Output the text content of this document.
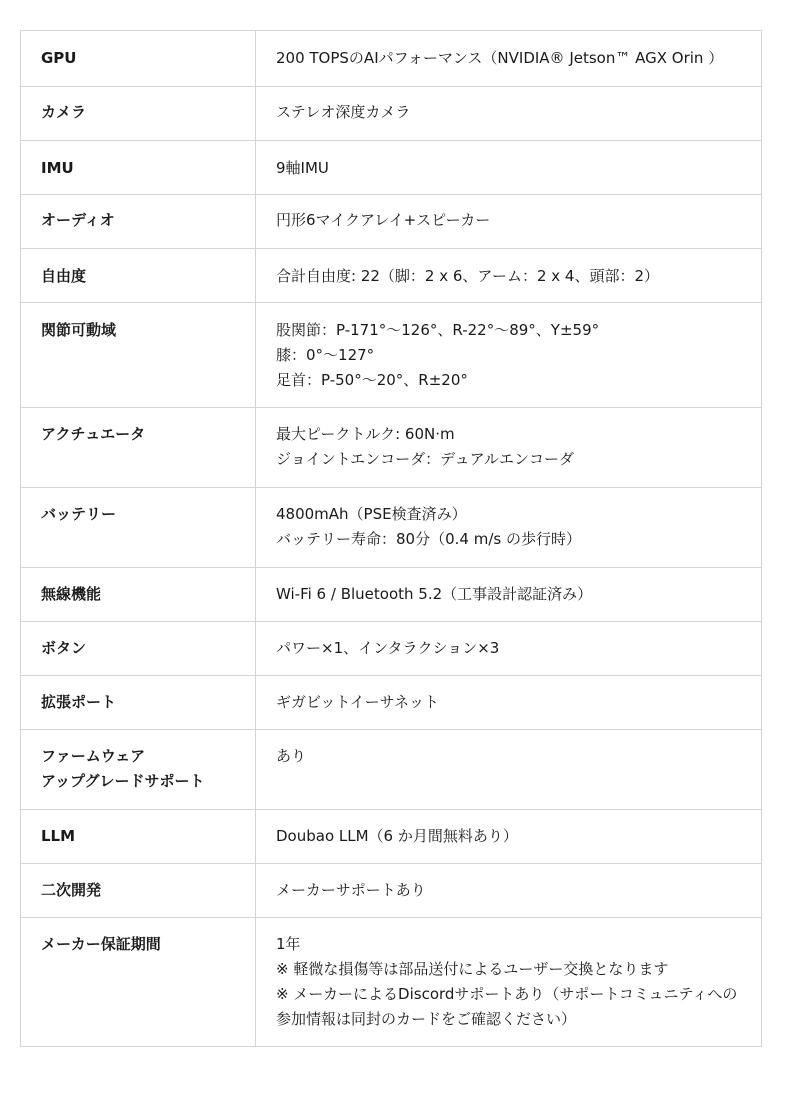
GPU	200 TOPSのAIパフォーマンス（NVIDIA® Jetson™ AGX Orin ）

カメラ	ステレオ深度カメラ

IMU	9軸IMU

オーディオ	円形6マイクアレイ+スピーカー

自由度	合計自由度: 22（脚：2 x 6、アーム：2 x 4、頭部：2）

関節可動域	股関節：P-171°〜126°、R-22°〜89°、Y±59°
膝：0°〜127°
足首：P-50°〜20°、R±20°

アクチュエータ	最大ピークトルク: 60N·m
ジョイントエンコーダ：デュアルエンコーダ

バッテリー	4800mAh（PSE検査済み）
バッテリー寿命：80分（0.4 m/s の歩行時）

無線機能	Wi-Fi 6 / Bluetooth 5.2（工事設計認証済み）

ボタン	パワー×1、インタラクション×3

拡張ポート	ギガビットイーサネット

ファームウェア
アップグレードサポート	あり

LLM	Doubao LLM（6 か月間無料あり）

二次開発	メーカーサポートあり

メーカー保証期間	1年
※ 軽微な損傷等は部品送付によるユーザー交換となります
※ メーカーによるDiscordサポートあり（サポートコミュニティへの参加情報は同封のカードをご確認ください）
